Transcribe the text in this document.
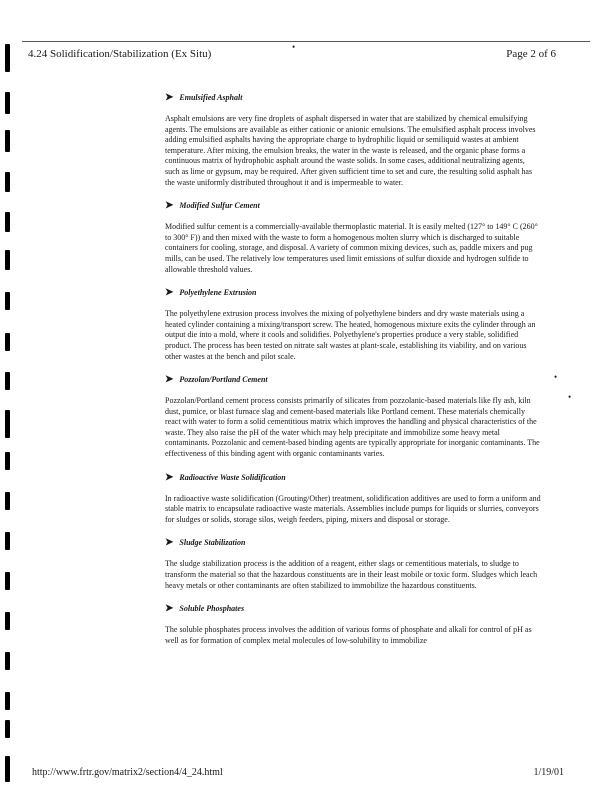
4.24 Solidification/Stabilization (Ex Situ)	Page 2 of 6
•
•
•
➤ Emulsified Asphalt

Asphalt emulsions are very fine droplets of asphalt dispersed in water that are stabilized by chemical emulsifying agents. The emulsions are available as either cationic or anionic emulsions. The emulsified asphalt process involves adding emulsified asphalts having the appropriate charge to hydrophilic liquid or semiliquid wastes at ambient temperature. After mixing, the emulsion breaks, the water in the waste is released, and the organic phase forms a continuous matrix of hydrophobic asphalt around the waste solids. In some cases, additional neutralizing agents, such as lime or gypsum, may be required. After given sufficient time to set and cure, the resulting solid asphalt has the waste uniformly distributed throughout it and is impermeable to water.

➤ Modified Sulfur Cement

Modified sulfur cement is a commercially-available thermoplastic material. It is easily melted (127° to 149° C (260° to 300° F)) and then mixed with the waste to form a homogenous molten slurry which is discharged to suitable containers for cooling, storage, and disposal. A variety of common mixing devices, such as, paddle mixers and pug mills, can be used. The relatively low temperatures used limit emissions of sulfur dioxide and hydrogen sulfide to allowable threshold values.

➤ Polyethylene Extrusion

The polyethylene extrusion process involves the mixing of polyethylene binders and dry waste materials using a heated cylinder containing a mixing/transport screw. The heated, homogenous mixture exits the cylinder through an output die into a mold, where it cools and solidifies. Polyethylene's properties produce a very stable, solidified product. The process has been tested on nitrate salt wastes at plant-scale, establishing its viability, and on various other wastes at the bench and pilot scale.

➤ Pozzolan/Portland Cement

Pozzolan/Portland cement process consists primarily of silicates from pozzolanic-based materials like fly ash, kiln dust, pumice, or blast furnace slag and cement-based materials like Portland cement. These materials chemically react with water to form a solid cementitious matrix which improves the handling and physical characteristics of the waste. They also raise the pH of the water which may help precipitate and immobilize some heavy metal contaminants. Pozzolanic and cement-based binding agents are typically appropriate for inorganic contaminants. The effectiveness of this binding agent with organic contaminants varies.

➤ Radioactive Waste Solidification

In radioactive waste solidification (Grouting/Other) treatment, solidification additives are used to form a uniform and stable matrix to encapsulate radioactive waste materials. Assemblies include pumps for liquids or slurries, conveyors for sludges or solids, storage silos, weigh feeders, piping, mixers and disposal or storage.

➤ Sludge Stabilization

The sludge stabilization process is the addition of a reagent, either slags or cementitious materials, to sludge to transform the material so that the hazardous constituents are in their least mobile or toxic form. Sludges which leach heavy metals or other contaminants are often stabilized to immobilize the hazardous constituents.

➤ Soluble Phosphates

The soluble phosphates process involves the addition of various forms of phosphate and alkali for control of pH as well as for formation of complex metal molecules of low-solubility to immobilize

http://www.frtr.gov/matrix2/section4/4_24.html	1/19/01
